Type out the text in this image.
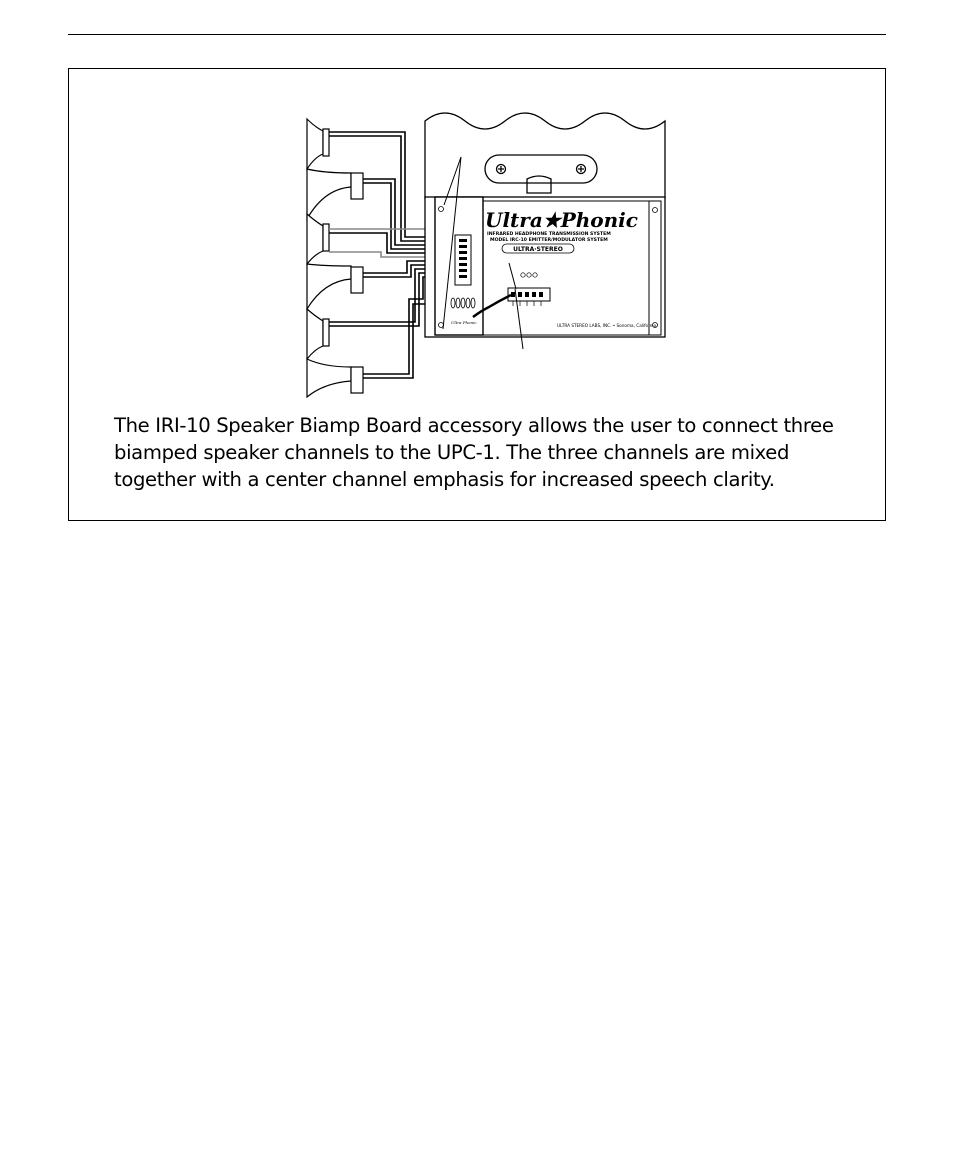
Ultra★Phonic
INFRARED HEADPHONE TRANSMISSION SYSTEM
MODEL IRC-10 EMITTER/MODULATOR SYSTEM
ULTRA·STEREO
ULTRA STEREO LABS, INC. • Sonoma, California
Ultra Phonic

The IRI-10 Speaker Biamp Board accessory allows the user to connect three biamped speaker channels to the UPC-1. The three channels are mixed together with a center channel emphasis for increased speech clarity.
